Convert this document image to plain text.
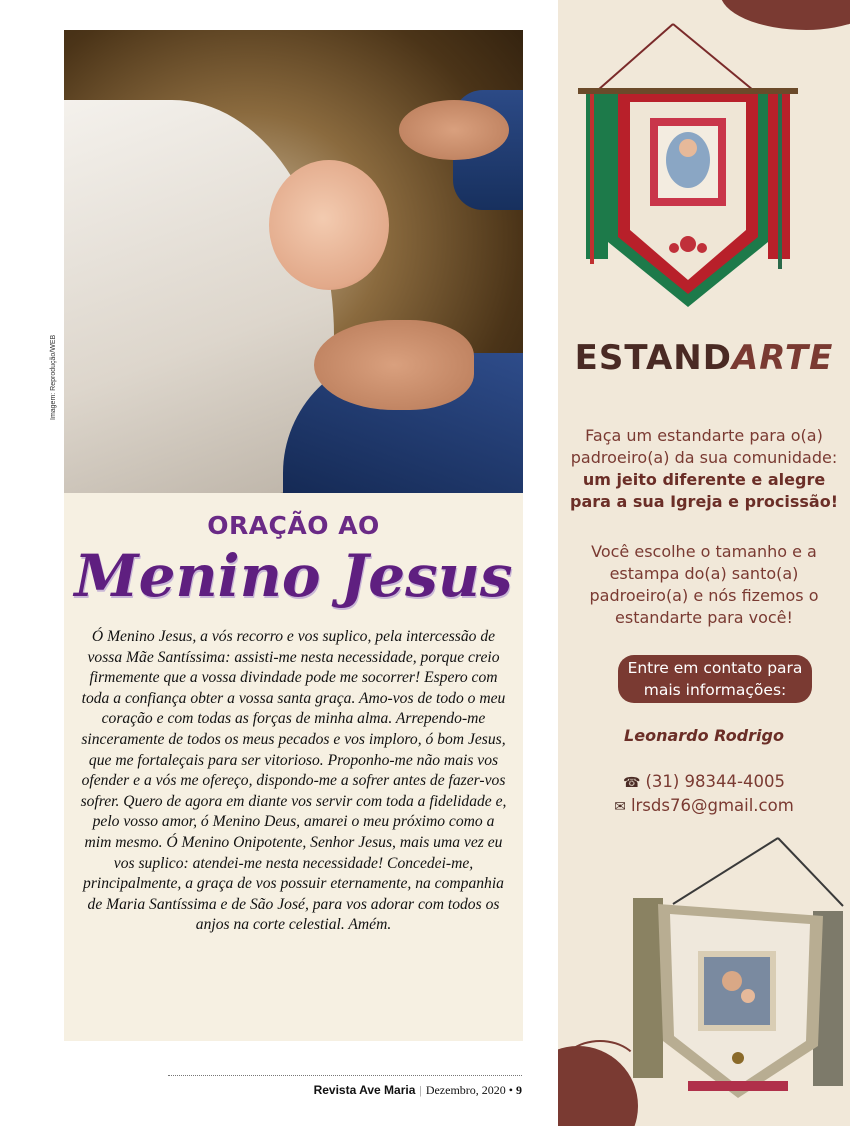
Imagem: Reprodução/WEB
ORAÇÃO AO
Menino Jesus
Ó Menino Jesus, a vós recorro e vos suplico, pela intercessão de vossa Mãe Santíssima: assisti-me nesta necessidade, porque creio firmemente que a vossa divindade pode me socorrer! Espero com toda a confiança obter a vossa santa graça. Amo-vos de todo o meu coração e com todas as forças de minha alma. Arrependo-me sinceramente de todos os meus pecados e vos imploro, ó bom Jesus, que me fortaleçais para ser vitorioso. Proponho-me não mais vos ofender e a vós me ofereço, dispondo-me a sofrer antes de fazer-vos sofrer. Quero de agora em diante vos servir com toda a fidelidade e, pelo vosso amor, ó Menino Deus, amarei o meu próximo como a mim mesmo. Ó Menino Onipotente, Senhor Jesus, mais uma vez eu vos suplico: atendei-me nesta necessidade! Concedei-me, principalmente, a graça de vos possuir eternamente, na companhia de Maria Santíssima e de São José, para vos adorar com todos os anjos na corte celestial. Amém.
Revista Ave Maria | Dezembro, 2020 • 9
ESTANDARTE
Faça um estandarte para o(a) padroeiro(a) da sua comunidade: um jeito diferente e alegre para a sua Igreja e procissão!
Você escolhe o tamanho e a estampa do(a) santo(a) padroeiro(a) e nós fizemos o estandarte para você!
Entre em contato para mais informações:
Leonardo Rodrigo
☎ (31) 98344-4005
✉ lrsds76@gmail.com
